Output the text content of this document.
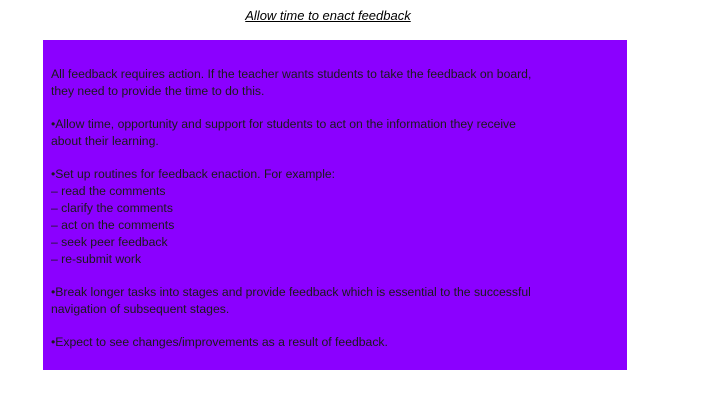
Allow time to enact feedback

All feedback requires action. If the teacher wants students to take the feedback on board,
they need to provide the time to do this.

•Allow time, opportunity and support for students to act on the information they receive
about their learning.

•Set up routines for feedback enaction. For example:
– read the comments
– clarify the comments
– act on the comments
– seek peer feedback
– re-submit work

•Break longer tasks into stages and provide feedback which is essential to the successful
navigation of subsequent stages.

•Expect to see changes/improvements as a result of feedback.
